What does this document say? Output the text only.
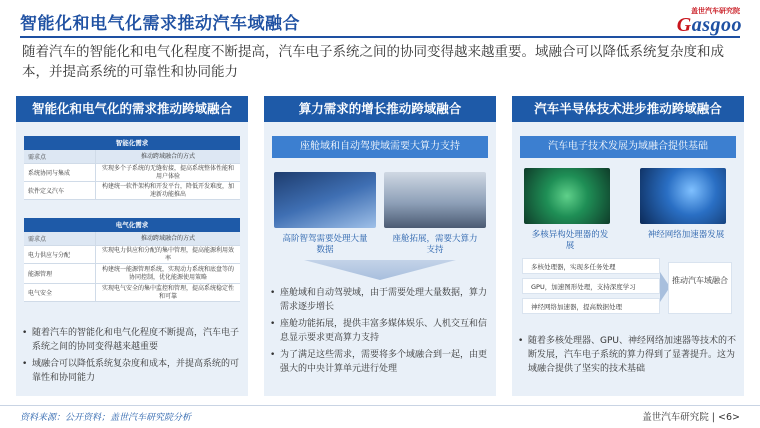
智能化和电气化需求推动汽车域融合
盖世汽车研究院
Gasgoo
随着汽车的智能化和电气化程度不断提高，汽车电子系统之间的协同变得越来越重要。域融合可以降低系统复杂度和成本，并提高系统的可靠性和协同能力
智能化和电气化的需求推动跨域融合
智能化需求
需求点	推动跨域融合的方式
系统协同与集成
实现多个子系统的无缝衔接，提高系统整体性能和用户体验
软件定义汽车
构建统一软件架构和开发平台，降低开发难度，加速新功能推出
电气化需求
需求点	推动跨域融合的方式
电力供应与分配
实现电力供应和分配的集中管理，提高能源利用效率
能源管理
构建统一能源管理系统，实现动力系统和底盘等的协同控制，优化能源使用策略
电气安全
实现电气安全的集中监控和管理，提高系统稳定性和可靠
• 随着汽车的智能化和电气化程度不断提高，汽车电子系统之间的协同变得越来越重要
• 域融合可以降低系统复杂度和成本，并提高系统的可靠性和协同能力
算力需求的增长推动跨域融合
座舱域和自动驾驶域需要大算力支持
高阶智驾需要处理大量数据
座舱拓展，需要大算力支持
• 座舱域和自动驾驶域，由于需要处理大量数据，算力需求逐步增长
• 座舱功能拓展，提供丰富多媒体娱乐、人机交互和信息显示要求更高算力支持
• 为了满足这些需求，需要将多个域融合到一起，由更强大的中央计算单元进行处理
汽车半导体技术进步推动跨域融合
汽车电子技术发展为域融合提供基础
多核异构处理器的发展
神经网络加速器发展
多核处理器，实现多任务处理
GPU，加速图形处理，支持深度学习
神经网络加速器，提高数据处理
推动汽车域融合
• 随着多核处理器、GPU、神经网络加速器等技术的不断发展，汽车电子系统的算力得到了显著提升。这为域融合提供了坚实的技术基础
资料来源：公开资料；盖世汽车研究院分析	盖世汽车研究院 | <6>
